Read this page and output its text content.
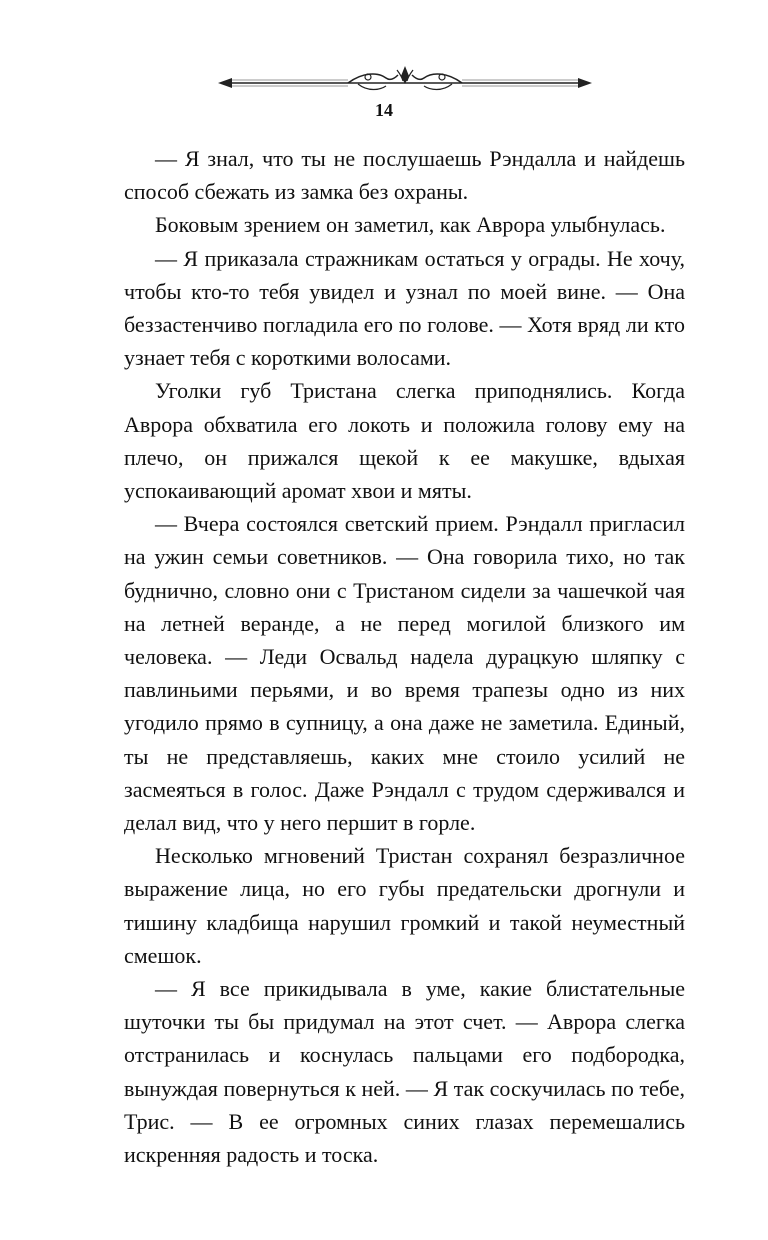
14

— Я знал, что ты не послушаешь Рэндалла и найдешь способ сбежать из замка без охраны.

Боковым зрением он заметил, как Аврора улыбнулась.

— Я приказала стражникам остаться у ограды. Не хочу, чтобы кто-то тебя увидел и узнал по моей вине. — Она беззастенчиво погладила его по голове. — Хотя вряд ли кто узнает тебя с короткими волосами.

Уголки губ Тристана слегка приподнялись. Когда Аврора обхватила его локоть и положила голову ему на плечо, он прижался щекой к ее макушке, вдыхая успокаивающий аромат хвои и мяты.

— Вчера состоялся светский прием. Рэндалл пригласил на ужин семьи советников. — Она говорила тихо, но так буднично, словно они с Тристаном сидели за чашечкой чая на летней веранде, а не перед могилой близкого им человека. — Леди Освальд надела дурацкую шляпку с павлиньими перьями, и во время трапезы одно из них угодило прямо в супницу, а она даже не заметила. Единый, ты не представляешь, каких мне стоило усилий не засмеяться в голос. Даже Рэндалл с трудом сдерживался и делал вид, что у него першит в горле.

Несколько мгновений Тристан сохранял безразличное выражение лица, но его губы предательски дрогнули и тишину кладбища нарушил громкий и такой неуместный смешок.

— Я все прикидывала в уме, какие блистательные шуточки ты бы придумал на этот счет. — Аврора слегка отстранилась и коснулась пальцами его подбородка, вынуждая повернуться к ней. — Я так соскучилась по тебе, Трис. — В ее огромных синих глазах перемешались искренняя радость и тоска.
